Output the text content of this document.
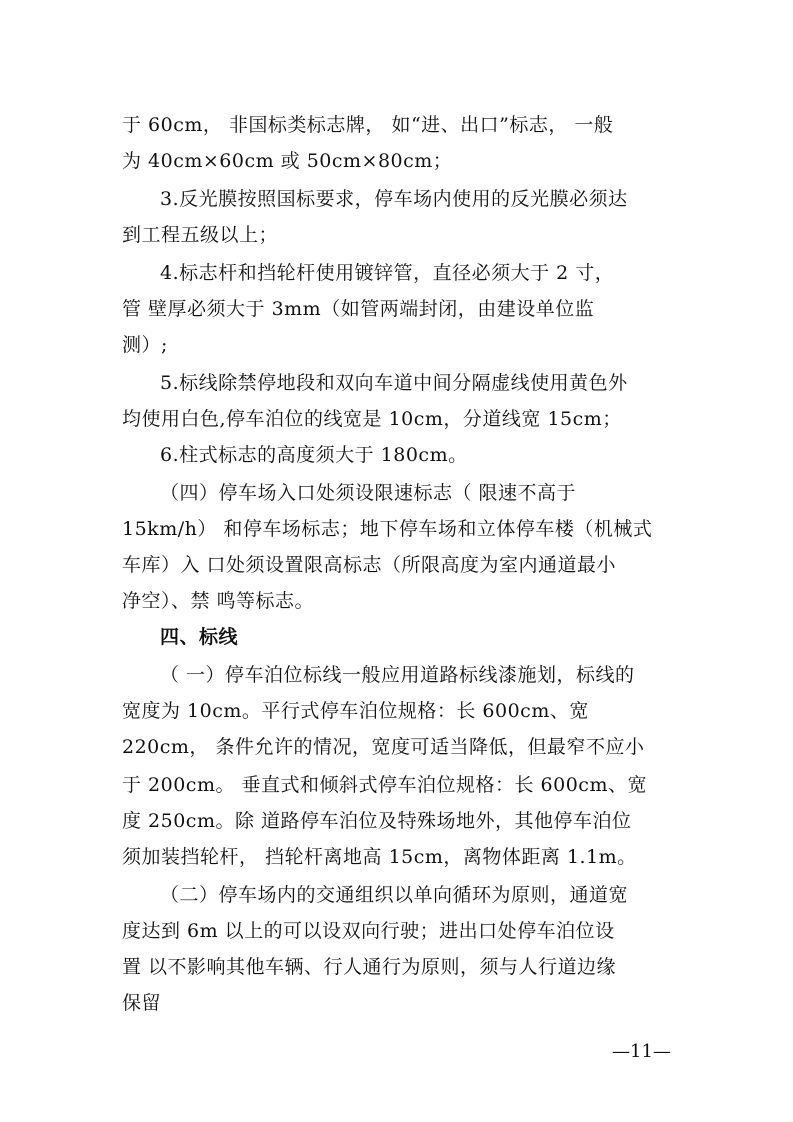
于 60cm， 非国标类标志牌， 如“进、出口”标志， 一般
为 40cm×60cm 或 50cm×80cm；
3.反光膜按照国标要求，停车场内使用的反光膜必须达
到工程五级以上；
4.标志杆和挡轮杆使用镀锌管，直径必须大于 2 寸，
管 壁厚必须大于 3mm（如管两端封闭，由建设单位监
测）;
5.标线除禁停地段和双向车道中间分隔虚线使用黄色外
均使用白色,停车泊位的线宽是 10cm，分道线宽 15cm；
6.柱式标志的高度须大于 180cm。
（四）停车场入口处须设限速标志（ 限速不高于
15km/h） 和停车场标志；地下停车场和立体停车楼（机械式
车库）入 口处须设置限高标志（所限高度为室内通道最小
净空）、禁 鸣等标志。
四、标线
（ 一）停车泊位标线一般应用道路标线漆施划，标线的
宽度为 10cm。平行式停车泊位规格：长 600cm、宽
220cm， 条件允许的情况，宽度可适当降低，但最窄不应小
于 200cm。 垂直式和倾斜式停车泊位规格：长 600cm、宽
度 250cm。除 道路停车泊位及特殊场地外，其他停车泊位
须加装挡轮杆， 挡轮杆离地高 15cm，离物体距离 1.1m。
（二）停车场内的交通组织以单向循环为原则，通道宽
度达到 6m 以上的可以设双向行驶；进出口处停车泊位设
置 以不影响其他车辆、行人通行为原则，须与人行道边缘
保留
—11—
